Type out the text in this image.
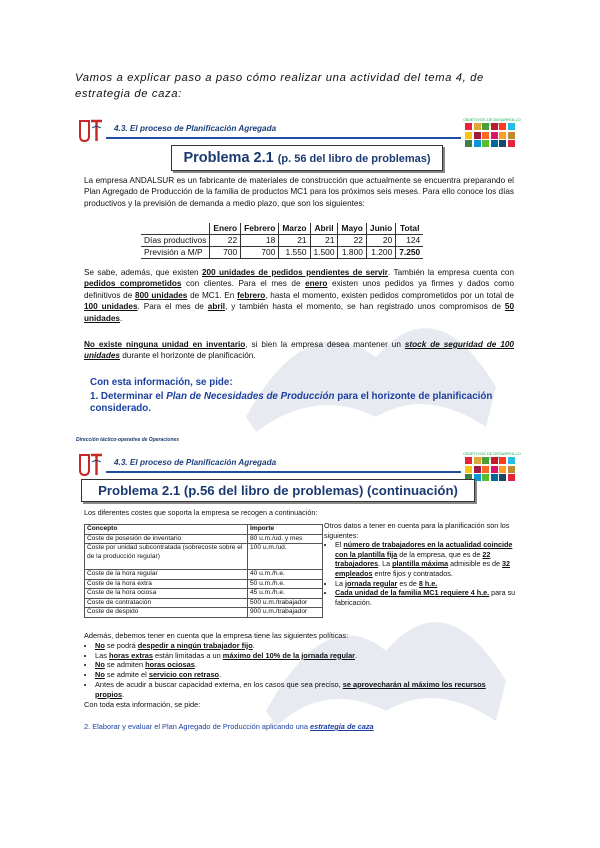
Vamos a explicar paso a paso cómo realizar una actividad del tema 4, de estrategia de caza:
4.3. El proceso de Planificación Agregada
OBJETIVOS DE DESARROLLO
Problema 2.1 (p. 56 del libro de problemas)
La empresa ANDALSUR es un fabricante de materiales de construcción que actualmente se encuentra preparando el Plan Agregado de Producción de la familia de productos MC1 para los próximos seis meses. Para ello conoce los días productivos y la previsión de demanda a medio plazo, que son los siguientes:
	Enero	Febrero	Marzo	Abril	Mayo	Junio	Total
Días productivos	22	18	21	21	22	20	124
Previsión a M/P	700	700	1.550	1.500	1.800	1.200	7.250
Se sabe, además, que existen 200 unidades de pedidos pendientes de servir. También la empresa cuenta con pedidos comprometidos con clientes. Para el mes de enero existen unos pedidos ya firmes y dados como definitivos de 800 unidades de MC1. En febrero, hasta el momento, existen pedidos comprometidos por un total de 100 unidades. Para el mes de abril, y también hasta el momento, se han registrado unos compromisos de 50 unidades.
No existe ninguna unidad en inventario, si bien la empresa desea mantener un stock de seguridad de 100 unidades durante el horizonte de planificación.
Con esta información, se pide:
1. Determinar el Plan de Necesidades de Producción para el horizonte de planificación considerado.
Dirección táctico-operativa de Operaciones
4.3. El proceso de Planificación Agregada
OBJETIVOS DE DESARROLLO
Problema 2.1 (p.56 del libro de problemas) (continuación)
Los diferentes costes que soporta la empresa se recogen a continuación:
Concepto	Importe
Coste de posesión de inventario	80 u.m./ud. y mes
Coste por unidad subcontratada (sobrecoste sobre el de la producción regular)	100 u.m./ud.
Coste de la hora regular	40 u.m./h.e.
Coste de la hora extra	50 u.m./h.e.
Coste de la hora ociosa	45 u.m./h.e.
Coste de contratación	500 u.m./trabajador
Coste de despido	900 u.m./trabajador
Otros datos a tener en cuenta para la planificación son los siguientes:
• El número de trabajadores en la actualidad coincide con la plantilla fija de la empresa, que es de 22 trabajadores. La plantilla máxima admisible es de 32 empleados entre fijos y contratados.
• La jornada regular es de 8 h.e.
• Cada unidad de la familia MC1 requiere 4 h.e. para su fabricación.
Además, debemos tener en cuenta que la empresa tiene las siguientes políticas:
• No se podrá despedir a ningún trabajador fijo.
• Las horas extras están limitadas a un máximo del 10% de la jornada regular.
• No se admiten horas ociosas.
• No se admite el servicio con retraso.
• Antes de acudir a buscar capacidad externa, en los casos que sea preciso, se aprovecharán al máximo los recursos propios.
Con toda esta información, se pide:
2. Elaborar y evaluar el Plan Agregado de Producción aplicando una estrategia de caza
